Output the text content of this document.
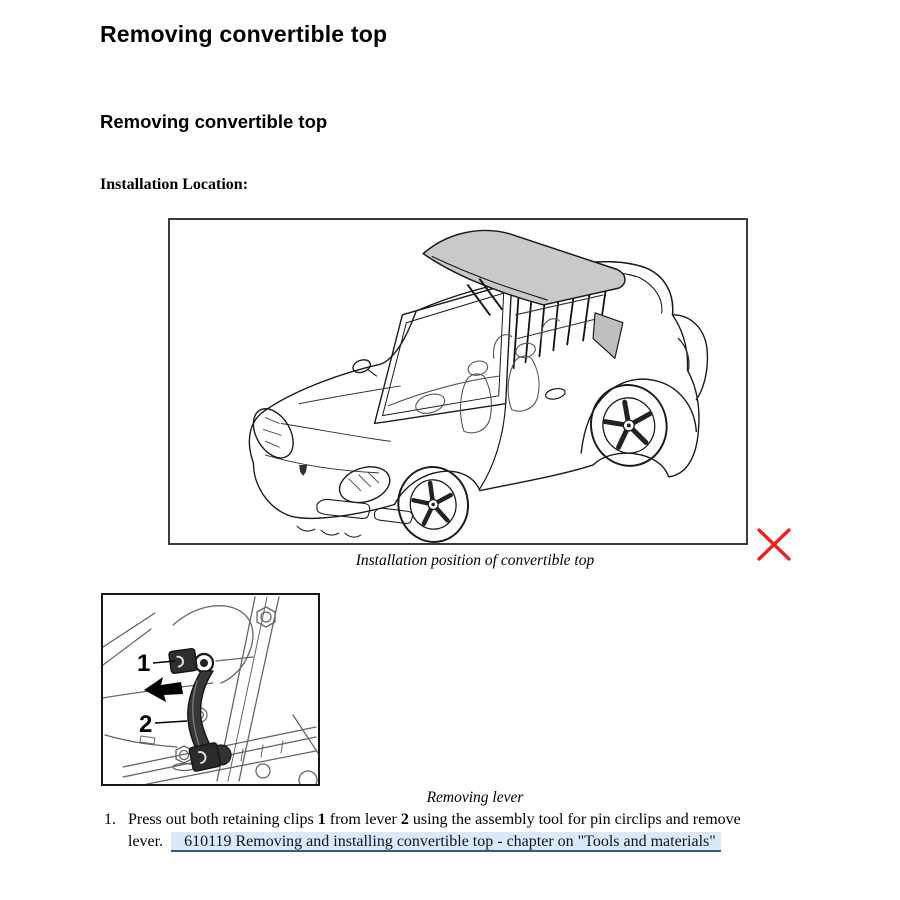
Removing convertible top
Removing convertible top
Installation Location:
Installation position of convertible top
1
2
Removing lever
1. Press out both retaining clips 1 from lever 2 using the assembly tool for pin circlips and remove
lever.  610119 Removing and installing convertible top - chapter on "Tools and materials"
